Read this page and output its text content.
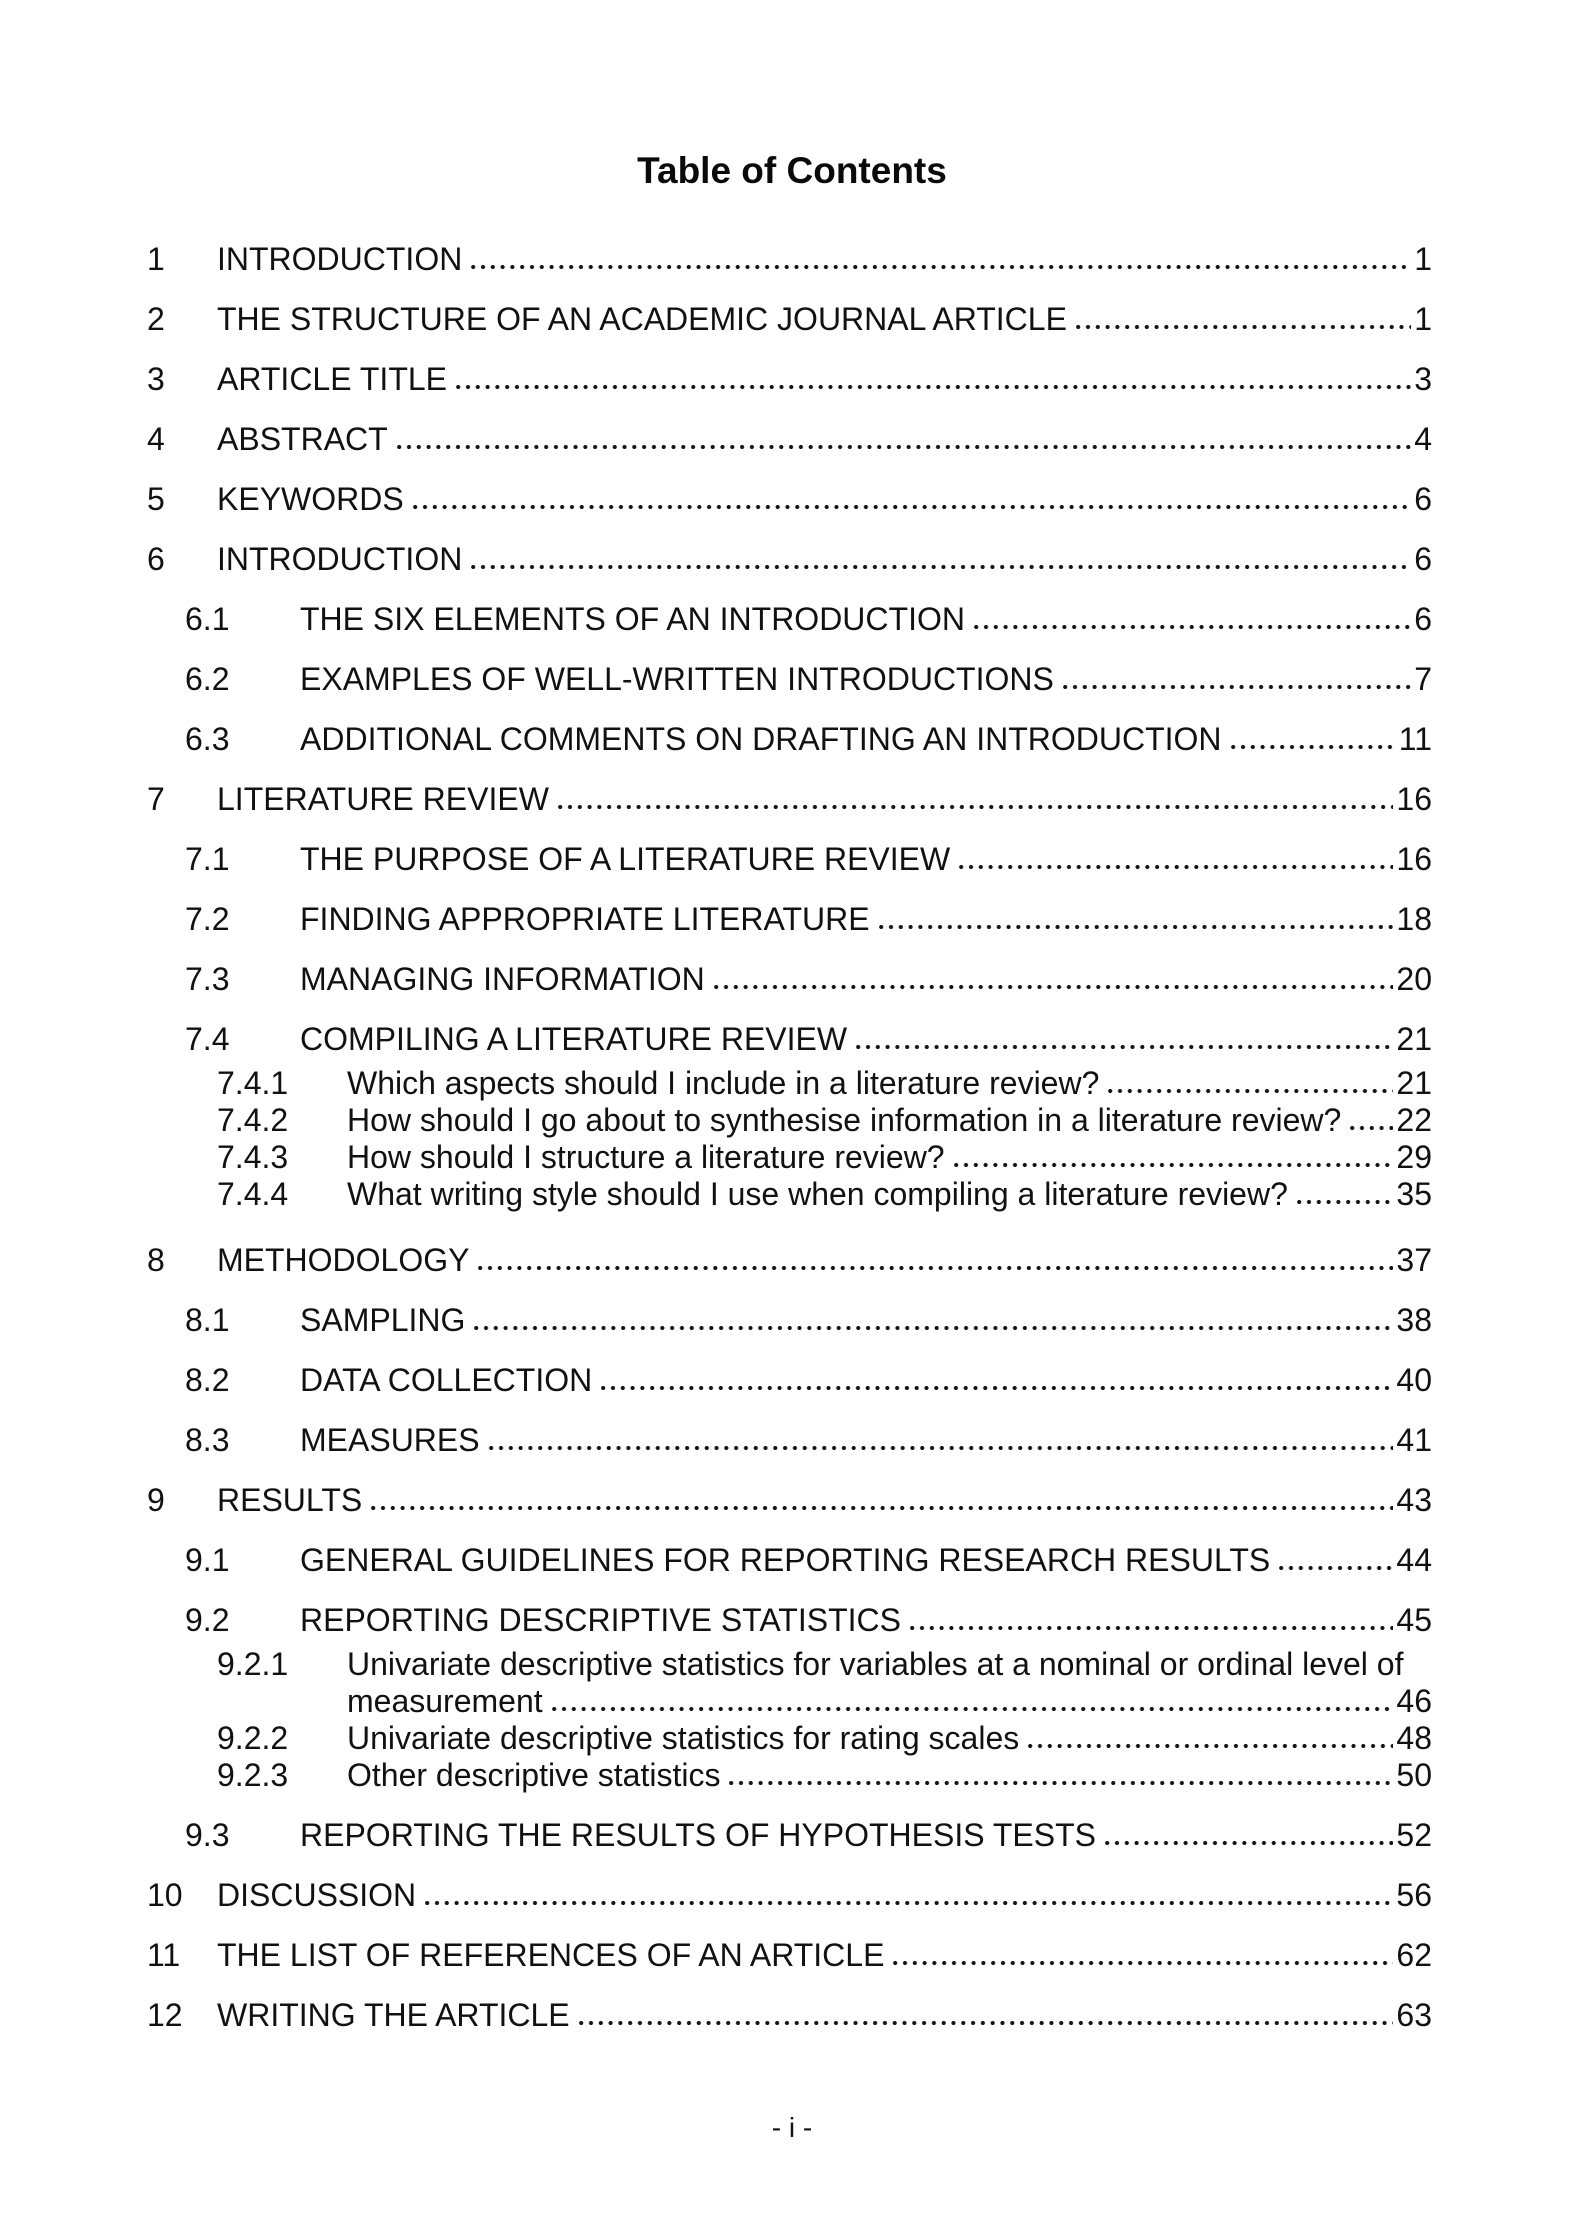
Table of Contents
1	INTRODUCTION	1
2	THE STRUCTURE OF AN ACADEMIC JOURNAL ARTICLE	1
3	ARTICLE TITLE	3
4	ABSTRACT	4
5	KEYWORDS	6
6	INTRODUCTION	6
6.1	THE SIX ELEMENTS OF AN INTRODUCTION	6
6.2	EXAMPLES OF WELL-WRITTEN INTRODUCTIONS	7
6.3	ADDITIONAL COMMENTS ON DRAFTING AN INTRODUCTION	11
7	LITERATURE REVIEW	16
7.1	THE PURPOSE OF A LITERATURE REVIEW	16
7.2	FINDING APPROPRIATE LITERATURE	18
7.3	MANAGING INFORMATION	20
7.4	COMPILING A LITERATURE REVIEW	21
7.4.1	Which aspects should I include in a literature review?	21
7.4.2	How should I go about to synthesise information in a literature review? 22
7.4.3	How should I structure a literature review?	29
7.4.4	What writing style should I use when compiling a literature review?	35
8	METHODOLOGY	37
8.1	SAMPLING	38
8.2	DATA COLLECTION	40
8.3	MEASURES	41
9	RESULTS	43
9.1	GENERAL GUIDELINES FOR REPORTING RESEARCH RESULTS	44
9.2	REPORTING DESCRIPTIVE STATISTICS	45
9.2.1	Univariate descriptive statistics for variables at a nominal or ordinal level of
measurement	46
9.2.2	Univariate descriptive statistics for rating scales	48
9.2.3	Other descriptive statistics	50
9.3	REPORTING THE RESULTS OF HYPOTHESIS TESTS	52
10	DISCUSSION	56
11	THE LIST OF REFERENCES OF AN ARTICLE	62
12	WRITING THE ARTICLE	63
- i -
